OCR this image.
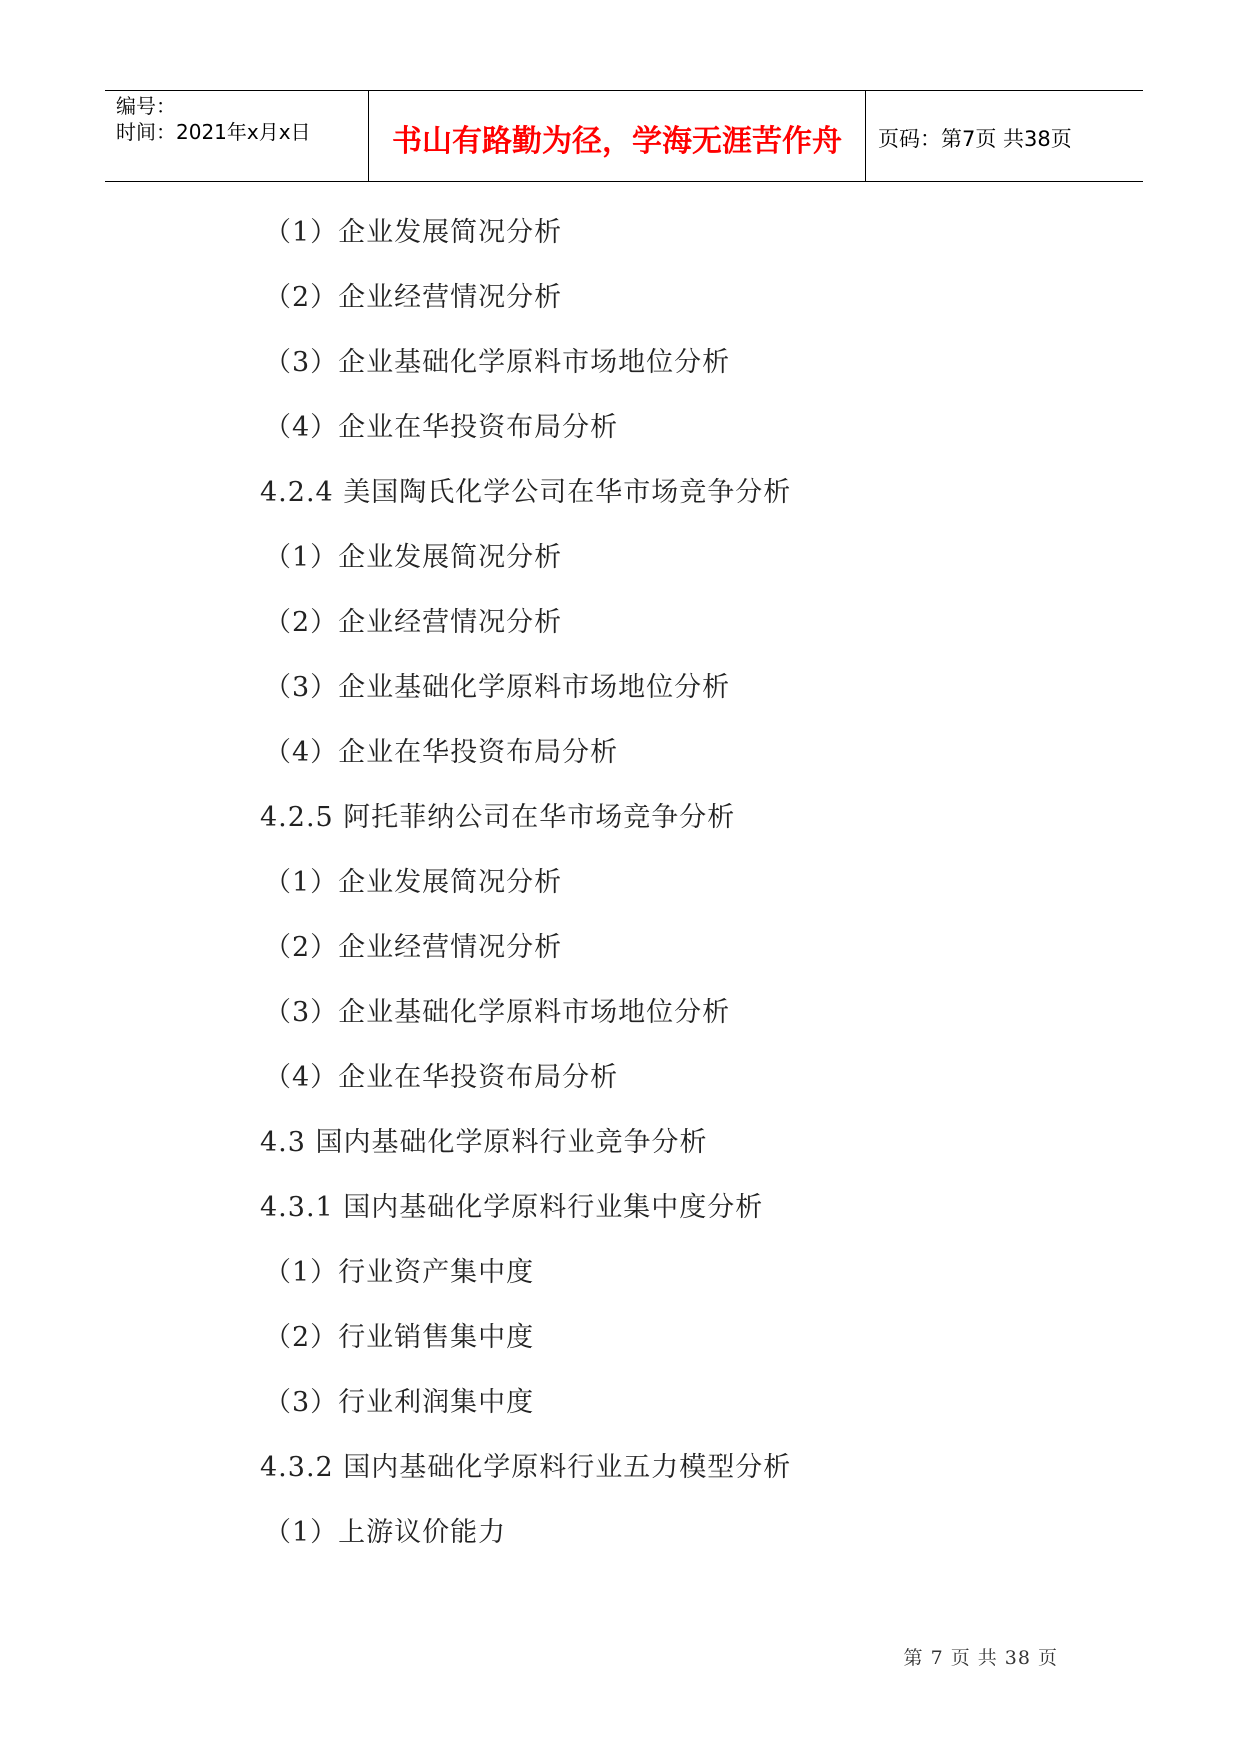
编号：
时间：2021年x月x日	书山有路勤为径，学海无涯苦作舟	页码：第7页 共38页
（1）企业发展简况分析
（2）企业经营情况分析
（3）企业基础化学原料市场地位分析
（4）企业在华投资布局分析
4.2.4 美国陶氏化学公司在华市场竞争分析
（1）企业发展简况分析
（2）企业经营情况分析
（3）企业基础化学原料市场地位分析
（4）企业在华投资布局分析
4.2.5 阿托菲纳公司在华市场竞争分析
（1）企业发展简况分析
（2）企业经营情况分析
（3）企业基础化学原料市场地位分析
（4）企业在华投资布局分析
4.3 国内基础化学原料行业竞争分析
4.3.1 国内基础化学原料行业集中度分析
（1）行业资产集中度
（2）行业销售集中度
（3）行业利润集中度
4.3.2 国内基础化学原料行业五力模型分析
（1）上游议价能力
第 7 页 共 38 页
